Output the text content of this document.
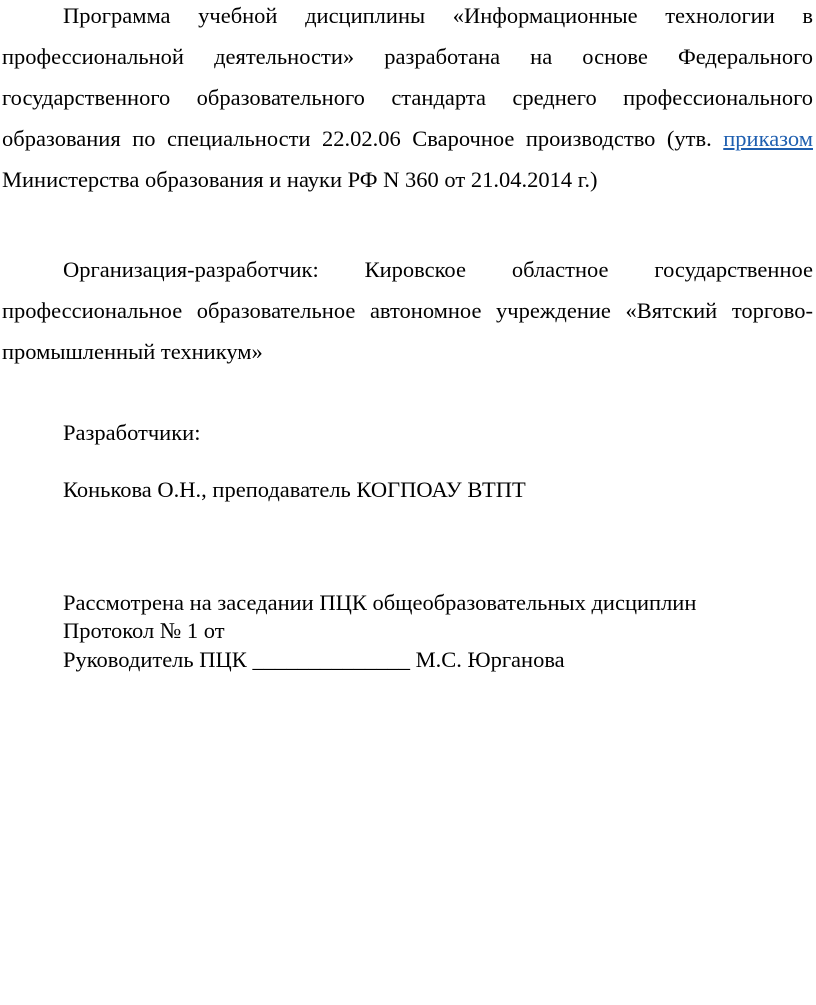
Программа учебной дисциплины «Информационные технологии в профессиональной деятельности» разработана на основе Федерального государственного образовательного стандарта среднего профессионального образования по специальности 22.02.06 Сварочное производство (утв. приказом Министерства образования и науки РФ N 360 от 21.04.2014 г.)

Организация-разработчик: Кировское областное государственное профессиональное образовательное автономное учреждение «Вятский торгово-промышленный техникум»

Разработчики:

Конькова О.Н., преподаватель КОГПОАУ ВТПТ

Рассмотрена на заседании ПЦК общеобразовательных дисциплин

Протокол № 1 от

Руководитель ПЦК ______________ М.С. Юрганова
